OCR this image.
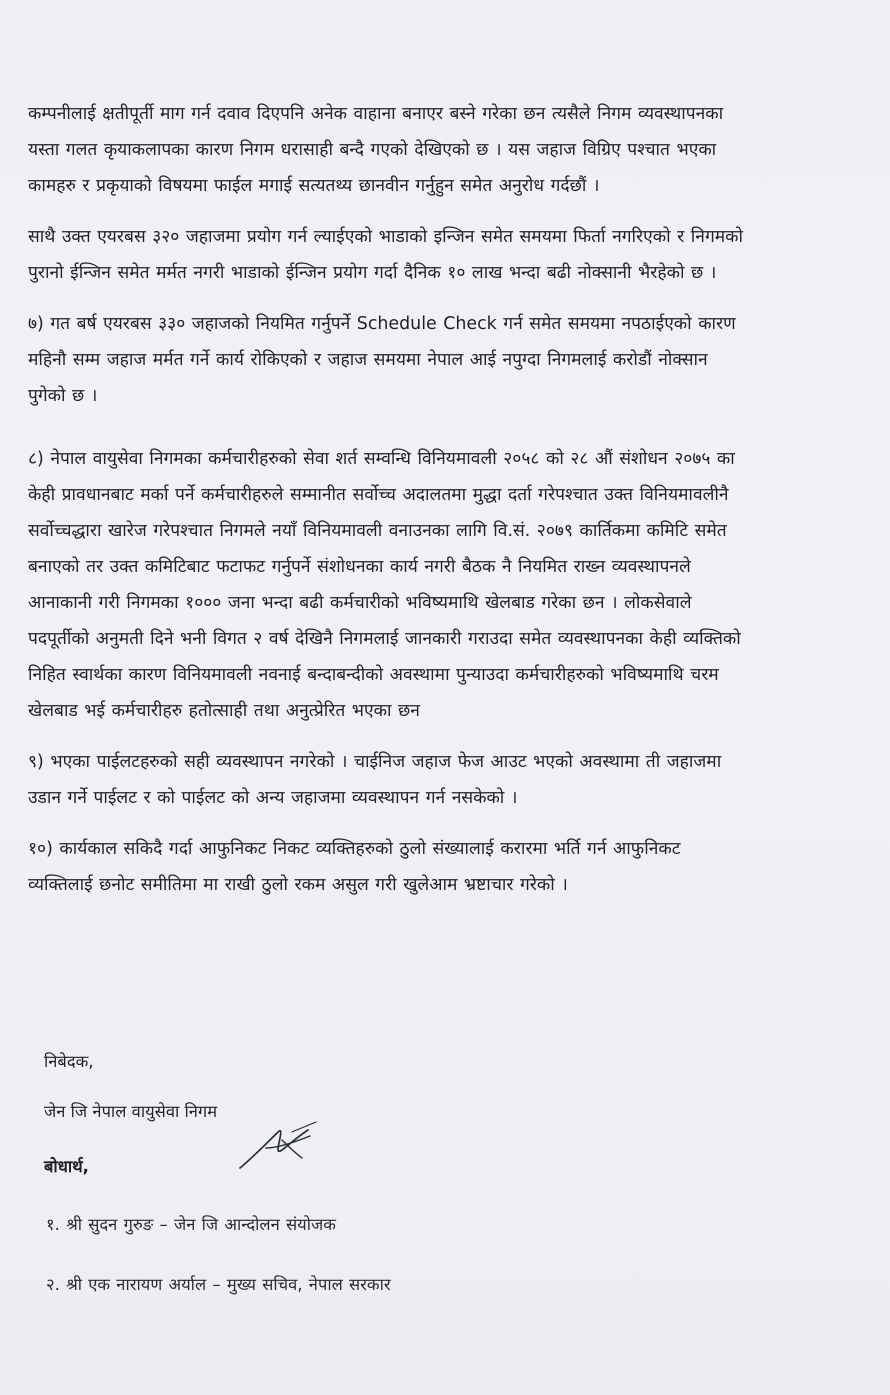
कम्पनीलाई क्षतीपूर्ती माग गर्न दवाव दिएपनि अनेक वाहाना बनाएर बस्ने गरेका छन त्यसैले निगम व्यवस्थापनका
यस्ता गलत कृयाकलापका कारण निगम धरासाही बन्दै गएको देखिएको छ । यस जहाज विग्रिए पश्चात भएका
कामहरु र प्रकृयाको विषयमा फाईल मगाई सत्यतथ्य छानवीन गर्नुहुन समेत अनुरोध गर्दछौं ।

साथै उक्त एयरबस ३२० जहाजमा प्रयोग गर्न ल्याईएको भाडाको इन्जिन समेत समयमा फिर्ता नगरिएको र निगमको
पुरानो ईन्जिन समेत मर्मत नगरी भाडाको ईन्जिन प्रयोग गर्दा दैनिक १० लाख भन्दा बढी नोक्सानी भैरहेको छ ।

७) गत बर्ष एयरबस ३३० जहाजको नियमित गर्नुपर्ने Schedule Check गर्न समेत समयमा नपठाईएको कारण
महिनौ सम्म जहाज मर्मत गर्ने कार्य रोकिएको र जहाज समयमा नेपाल आई नपुग्दा निगमलाई करोडौं नोक्सान
पुगेको छ ।

८) नेपाल वायुसेवा निगमका कर्मचारीहरुको सेवा शर्त सम्वन्धि विनियमावली २०५८ को २८ औं संशोधन २०७५ का
केही प्रावधानबाट मर्का पर्ने कर्मचारीहरुले सम्मानीत सर्वोच्च अदालतमा मुद्धा दर्ता गरेपश्चात उक्त विनियमावलीनै
सर्वोच्चद्धारा खारेज गरेपश्चात निगमले नयाँ विनियमावली वनाउनका लागि वि.सं. २०७९ कार्तिकमा कमिटि समेत
बनाएको तर उक्त कमिटिबाट फटाफट गर्नुपर्ने संशोधनका कार्य नगरी बैठक नै नियमित राख्न व्यवस्थापनले
आनाकानी गरी निगमका १००० जना भन्दा बढी कर्मचारीको भविष्यमाथि खेलबाड गरेका छन । लोकसेवाले
पदपूर्तीको अनुमती दिने भनी विगत २ वर्ष देखिनै निगमलाई जानकारी गराउदा समेत व्यवस्थापनका केही व्यक्तिको
निहित स्वार्थका कारण विनियमावली नवनाई बन्दाबन्दीको अवस्थामा पुन्याउदा कर्मचारीहरुको भविष्यमाथि चरम
खेलबाड भई कर्मचारीहरु हतोत्साही तथा अनुत्प्रेरित भएका छन

९) भएका पाईलटहरुको सही व्यवस्थापन नगरेको । चाईनिज जहाज फेज आउट भएको अवस्थामा ती जहाजमा
उडान गर्ने पाईलट र को पाईलट को अन्य जहाजमा व्यवस्थापन गर्न नसकेको ।

१०) कार्यकाल सकिदै गर्दा आफुनिकट निकट व्यक्तिहरुको ठुलो संख्यालाई करारमा भर्ति गर्न आफुनिकट
व्यक्तिलाई छनोट समीतिमा मा राखी ठुलो रकम असुल गरी खुलेआम भ्रष्टाचार गरेको ।

निबेदक,
जेन जि नेपाल वायुसेवा निगम
बोधार्थ,
१. श्री सुदन गुरुङ – जेन जि आन्दोलन संयोजक
२. श्री एक नारायण अर्याल – मुख्य सचिव, नेपाल सरकार
